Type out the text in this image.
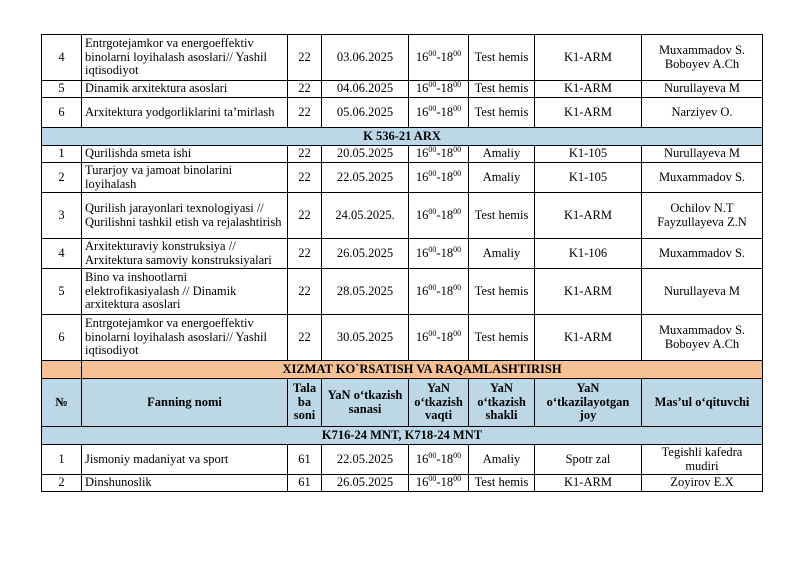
4	Entrgotejamkor va energoeffektiv binolarni loyihalash asoslari// Yashil iqtisodiyot	22	03.06.2025	$16^{00}-18^{00}$	Test hemis	K1-ARM	Muxammadov S. Boboyev A.Ch
5	Dinamik arxitektura asoslari	22	04.06.2025	$16^{00}-18^{00}$	Test hemis	K1-ARM	Nurullayeva M
6	Arxitektura yodgorliklarini ta’mirlash	22	05.06.2025	$16^{00}-18^{00}$	Test hemis	K1-ARM	Narziyev O.
K 536-21 ARX							
1	Qurilishda smeta ishi	22	20.05.2025	$16^{00}-18^{00}$	Amaliy	K1-105	Nurullayeva M
2	Turarjoy va jamoat binolarini loyihalash	22	22.05.2025	$16^{00}-18^{00}$	Amaliy	K1-105	Muxammadov S.
3	Qurilish jarayonlari texnologiyasi // Qurilishni tashkil etish va rejalashtirish	22	24.05.2025.	$16^{00}-18^{00}$	Test hemis	K1-ARM	Ochilov N.T Fayzullayeva Z.N
4	Arxitekturaviy konstruksiya // Arxitektura samoviy konstruksiyalari	22	26.05.2025	$16^{00}-18^{00}$	Amaliy	K1-106	Muxammadov S.
5	Bino va inshootlarni elektrofikasiyalash // Dinamik arxitektura asoslari	22	28.05.2025	$16^{00}-18^{00}$	Test hemis	K1-ARM	Nurullayeva M
6	Entrgotejamkor va energoeffektiv binolarni loyihalash asoslari// Yashil iqtisodiyot	22	30.05.2025	$16^{00}-18^{00}$	Test hemis	K1-ARM	Muxammadov S. Boboyev A.Ch
	XIZMAT KO`RSATISH VA RAQAMLASHTIRISH						
№	Fanning nomi	Tala ba soni	YaN o‘tkazish sanasi	YaN o‘tkazish vaqti	YaN o‘tkazish shakli	YaN o‘tkazilayotgan joy	Mas’ul o‘qituvchi
K716-24 MNT, K718-24 MNT							
1	Jismoniy madaniyat va sport	61	22.05.2025	$16^{00}-18^{00}$	Amaliy	Spotr zal	Tegishli kafedra mudiri
2	Dinshunoslik	61	26.05.2025	$16^{00}-18^{00}$	Test hemis	K1-ARM	Zoyirov E.X
